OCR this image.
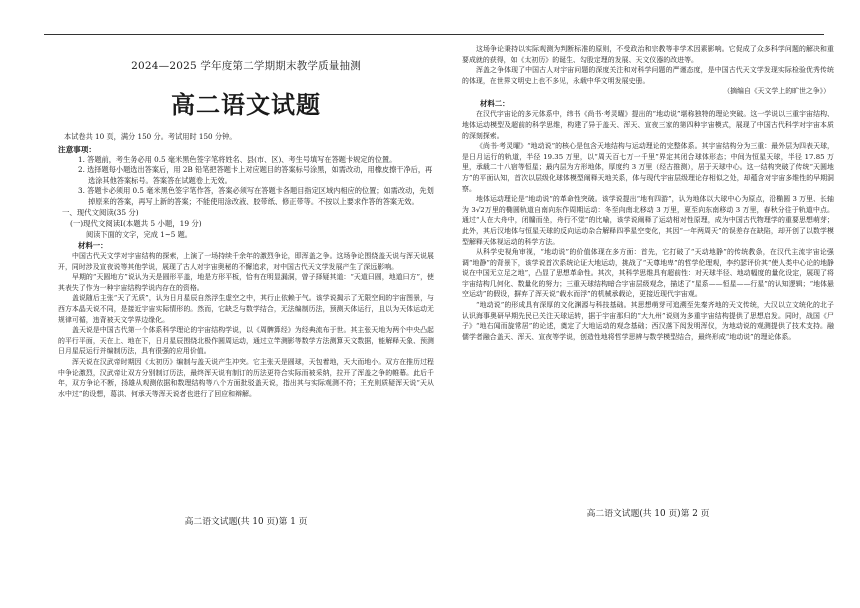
2024—2025 学年度第二学期期末教学质量抽测
高二语文试题
本试卷共 10 页，满分 150 分。考试用时 150 分钟。
注意事项：
1. 答题前，考生务必用 0.5 毫米黑色签字笔将姓名、县(市、区)、考生号填写在答题卡规定的位置。
2. 选择题每小题选出答案后，用 2B 铅笔把答题卡上对应题目的答案标号涂黑，如需改动，用橡皮擦干净后，再选涂其他答案标号。答案答在试题卷上无效。
3. 答题卡必须用 0.5 毫米黑色签字笔作答，答案必须写在答题卡各题目指定区域内相应的位置；如需改动，先划掉原来的答案，再写上新的答案；不能使用涂改液、胶带纸、修正带等。不按以上要求作答的答案无效。
一、现代文阅读(35 分)
(一)现代文阅读Ⅰ(本题共 5 小题，19 分)
阅读下面的文字，完成 1~5 题。
材料一：

中国古代天文学对宇宙结构的探索，上演了一场持续千余年的激烈争论，即浑盖之争。这场争论围绕盖天说与浑天说展开，同时涉及宣夜说等其他学说，展现了古人对宇宙奥秘的不懈追求，对中国古代天文学发展产生了深远影响。

早期的“天圆地方”说认为天是圆形平盖，地是方形平板，恰有在明显漏洞，曾子择疑其道：“天道曰圆，地道曰方”，使其表失了作为一种宇宙结构学说内存在的资格。

盖说随后主张“天了无质”，认为日月星辰自然浮生虚空之中，其行止依赖于气。该学说揭示了无限空间的宇宙图景，与西方本晶天说不同，是接近宇宙实际情形的。然而，它缺乏与数学结合，无法编制历法，预测天体运行，且以为天体运动无规律可循，违背被天文学界边缘化。

盖天说是中国古代第一个体系科学理论的宇宙结构学说，以《周髀算经》为经典流布于世。其主张天地为两个中央凸起的平行平面，天在上、地在下，日月星辰围绕北极作圆周运动，通过立竿测影等数学方法测算天文数据，能解释天象、预测日月星辰运行并编制历法，具有很强的应用价值。

浑天说在汉武帝时期因《太初历》编制与盖天说产生冲突。它主张天是圆球，天包着地，天大而地小。双方在推历过程中争论激烈，汉武帝让双方分别制订历法，最终浑天说有制订的历法更符合实际而被采纳，拉开了浑盖之争的帷幕。此后千年，双方争论不断，扬雄从观测依据和数理结构等八个方面批驳盖天说，指出其与实际观测不符；王充则质疑浑天说“天从水中过”的设想，葛洪、何承天等浑天说者也进行了回应和辩解。

高二语文试题(共 10 页)第 1 页

这场争论秉持以实际观测为判断标准的原则，不受政治和宗教等非学术因素影响。它促成了众多科学问题的解决和重要成就的获得，如《太初历》的诞生、勾股定理的发展、天文仪器的改进等。

浑盖之争体现了中国古人对宇宙问题的深度关注和对科学问题的严谨态度，是中国古代天文学发现实际检验优秀传统的体现，在世界文明史上也不多见，永载中华文明发展史册。

（摘编自《天文学上的旷世之争》）
材料二：

在汉代宇宙论的多元体系中，纬书《尚书·考灵曜》提出的“地动说”堪称独特的理论突破。这一学说以三重宇宙结构、地体运动模型及超前的科学思维，构建了异于盖天、浑天、宣夜三家的第四种宇宙模式，展现了中国古代科学对宇宙本质的深刻探索。

《尚书·考灵曜》“地动说”的核心是包含天地结构与运动理论的完整体系。其宇宙结构分为三重：最外层为四表天球，是日月运行的轨道，半径 19.35 万里，以“周天百七万一千里”界定其闭合球体形态；中间为恒星天球，半径 17.85 万里，承载二十八宿等恒星；最内层为方形地体，厚度约 3 万里（经古推测），居于天球中心。这一结构突破了传统“天圆地方”的平面认知，首次以层级化球体模型阐释天地关系，体与现代宇宙层级理论存相似之处，却蕴含对宇宙多维性的早期洞察。

地体运动理论是“地动说”的革命性突破。该学说提出“地有四游”，认为地体以大球中心为原点，沿椭圆 3 万里、长轴为 3√2万里的椭圆轨道自南向东作周期运动：冬至向南北移动 3 万里，夏至向东南移动 3 万里，春秋分往于轨道中点。通过“人在大舟中，闭牖而坐，舟行不觉”的比喻，该学说阐释了运动相对性原理，成为中国古代物理学的重要思想萌芽；此外，其后汉地体与恒星天球的反向运动杂合解释四季星空变化，其因“一年两周天”的误差存在缺陷，却开创了以数学模型解释天体视运动的科学方法。

从科学史视角审视，“地动说”的价值体现在多方面：首先，它打破了“天动地静”的传统教条，在汉代主流宇宙论强调“地静”的背景下，该学说首次系统论证大地运动，挑战了“天尊地卑”的哲学伦理观，李约瑟评价其“使人类中心论的地静说在中国无立足之地”，凸显了思想革命性。其次，其科学思维具有超前性：对天球半径、地动幅度的量化设定，展现了将宇宙结构几何化、数量化的努力；三重天球结构暗合宇宙层级观念，描述了“星系——恒星——行星”的认知逻辑；“地体悬空运动”的假设，摒弃了浑天说“载水而浮”的机械承载论，更接近现代宇宙观。

“地动说”的形成具有深厚的文化渊源与科技基础。其思想萌芽可追溯至先秦齐地的天文传统，大汉以立文统化的北子认识海事奥研早期先民已关注天球运转，据于宇宙那归的“大九州”说则为多重宇宙结构提供了思想启发。同时，战国《尸子》“地右闻而旋常居”的论述，奠定了大地运动的观念基础；西汉落下闳发明浑仪，为地动说的观测提供了技术支持。融儒学者融合盖天、浑天、宣夜等学说，创造性地将哲学思辨与数学模型结合，最终形成“地动说”的理论体系。

高二语文试题(共 10 页)第 2 页
